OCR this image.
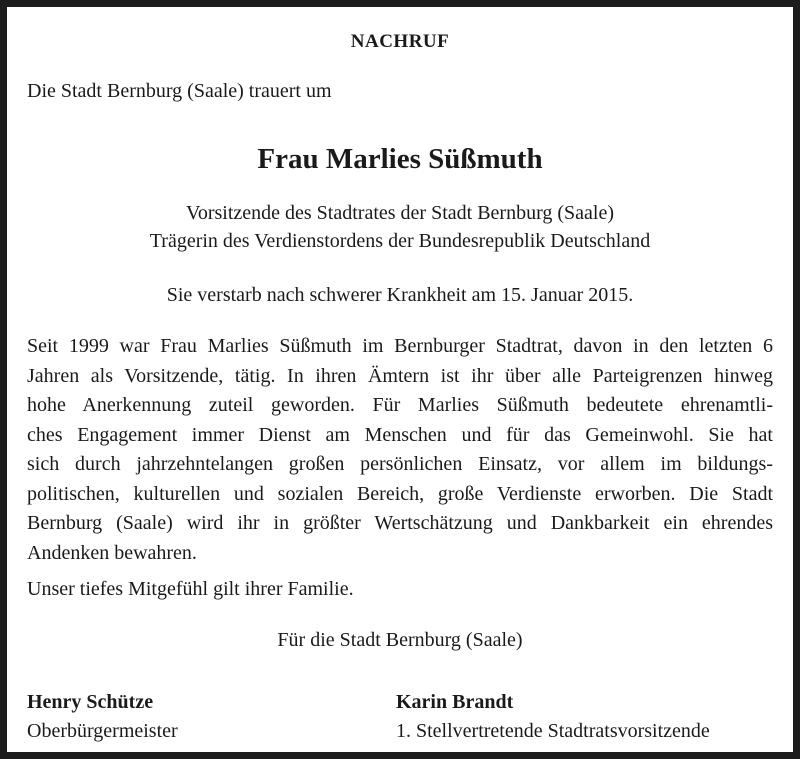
NACHRUF
Die Stadt Bernburg (Saale) trauert um
Frau Marlies Süßmuth
Vorsitzende des Stadtrates der Stadt Bernburg (Saale)
Trägerin des Verdienstordens der Bundesrepublik Deutschland
Sie verstarb nach schwerer Krankheit am 15. Januar 2015.
Seit 1999 war Frau Marlies Süßmuth im Bernburger Stadtrat, davon in den letzten 6
Jahren als Vorsitzende, tätig. In ihren Ämtern ist ihr über alle Parteigrenzen hinweg
hohe Anerkennung zuteil geworden. Für Marlies Süßmuth bedeutete ehrenamtli-
ches Engagement immer Dienst am Menschen und für das Gemeinwohl. Sie hat
sich durch jahrzehntelangen großen persönlichen Einsatz, vor allem im bildungs-
politischen, kulturellen und sozialen Bereich, große Verdienste erworben. Die Stadt
Bernburg (Saale) wird ihr in größter Wertschätzung und Dankbarkeit ein ehrendes
Andenken bewahren.
Unser tiefes Mitgefühl gilt ihrer Familie.
Für die Stadt Bernburg (Saale)
Henry Schütze
Oberbürgermeister
Karin Brandt
1. Stellvertretende Stadtratsvorsitzende
